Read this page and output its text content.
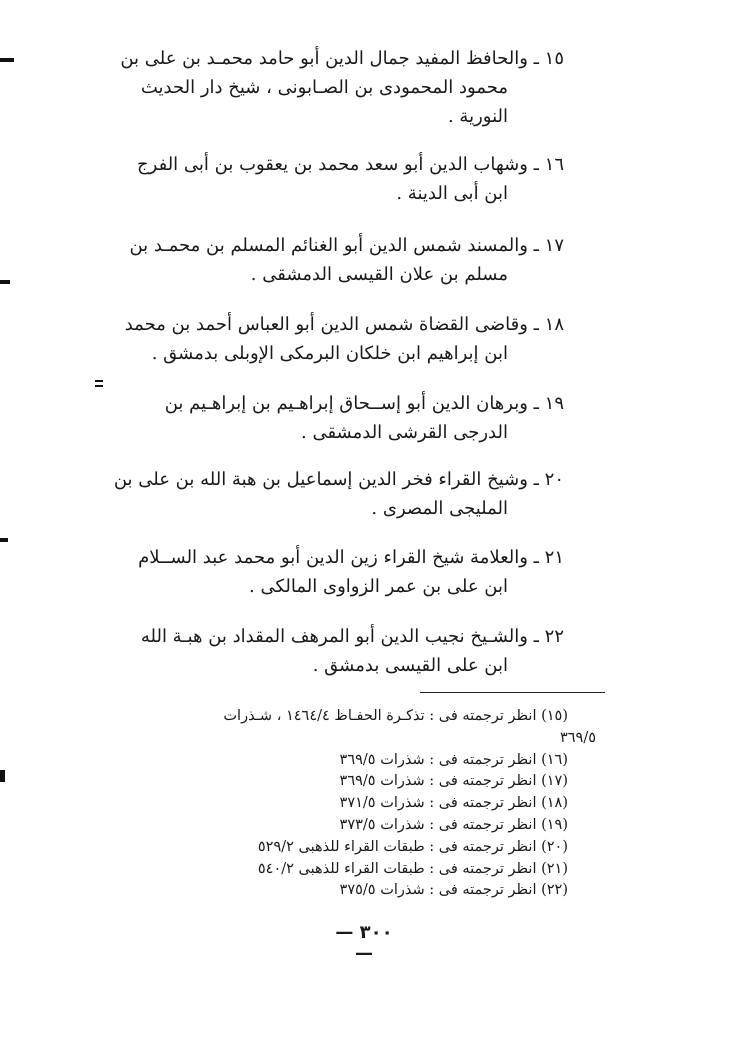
١٥ ـ والحافظ المفيد جمال الدين أبو حامد محمـد بن على بن
محمود المحمودى بن الصـابونى ، شيخ دار الحديث
النورية .
١٦ ـ وشهاب الدين أبو سعد محمد بن يعقوب بن أبى الفرج
ابن أبى الدينة .
١٧ ـ والمسند شمس الدين أبو الغنائم المسلم بن محمـد بن
مسلم بن علان القيسى الدمشقى .
١٨ ـ وقاضى القضاة شمس الدين أبو العباس أحمد بن محمد
ابن إبراهيم ابن خلكان البرمكى الإوبلى بدمشق .
١٩ ـ وبرهان الدين أبو إســحاق إبراهـيم بن إبراهـيم بن
الدرجى القرشى الدمشقى .
٢٠ ـ وشيخ القراء فخر الدين إسماعيل بن هبة الله بن على بن
المليجى المصرى .
٢١ ـ والعلامة شيخ القراء زين الدين أبو محمد عبد الســلام
ابن على بن عمر الزواوى المالكى .
٢٢ ـ والشـيخ نجيب الدين أبو المرهف المقداد بن هبـة الله
ابن على القيسى بدمشق .
(١٥) انظر ترجمته فى : تذكـرة الحفـاظ ١٤٦٤/٤ ، شـذرات
٣٦٩/٥
(١٦) انظر ترجمته فى : شذرات ٣٦٩/٥
(١٧) انظر ترجمته فى : شذرات ٣٦٩/٥
(١٨) انظر ترجمته فى : شذرات ٣٧١/٥
(١٩) انظر ترجمته فى : شذرات ٣٧٣/٥
(٢٠) انظر ترجمته فى : طبقات القراء للذهبى ٥٢٩/٢
(٢١) انظر ترجمته فى : طبقات القراء للذهبى ٥٤٠/٢
(٢٢) انظر ترجمته فى : شذرات ٣٧٥/٥
— ٣٠٠ —
